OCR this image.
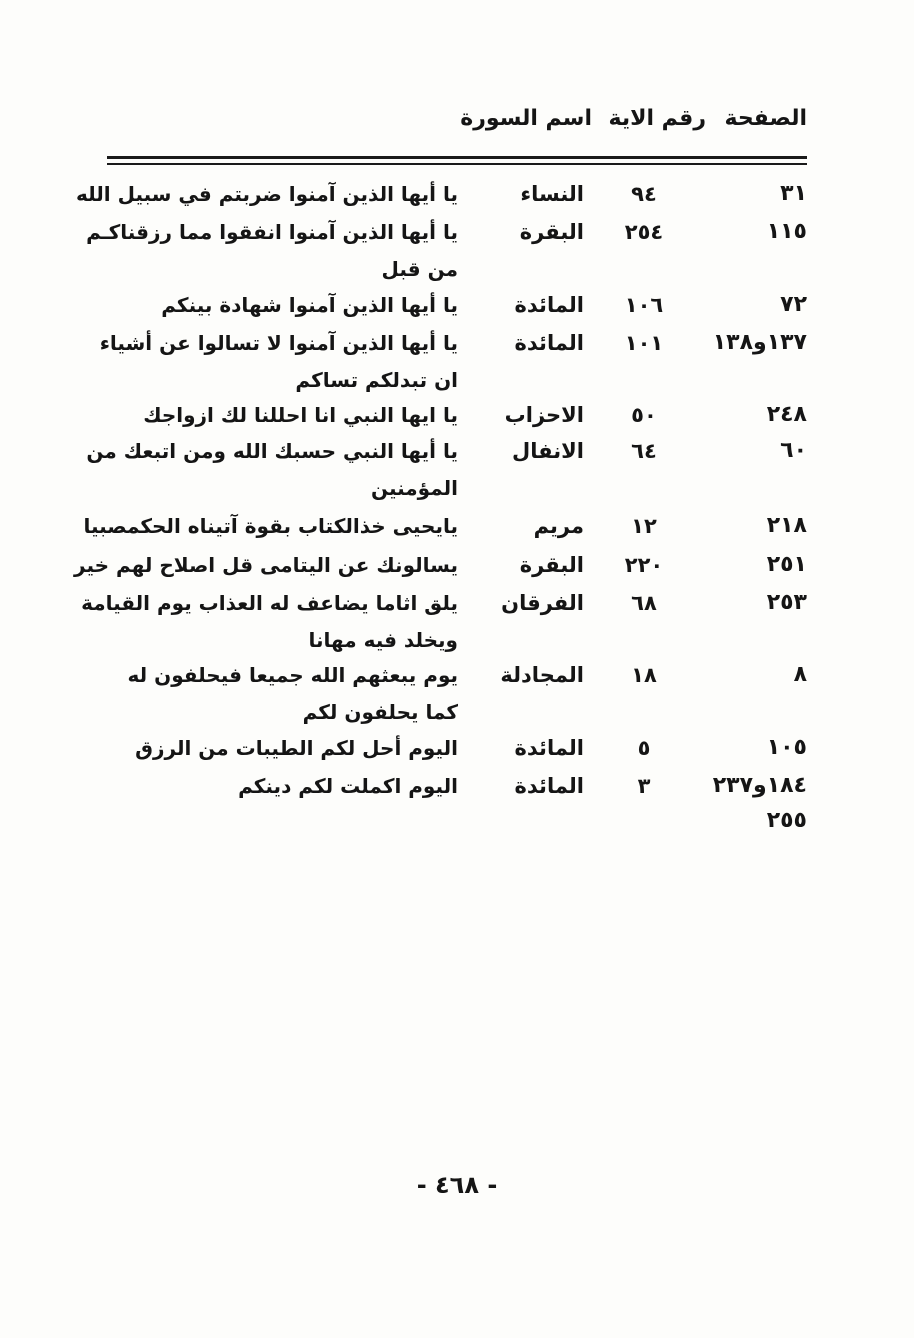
الصفحة
رقم الاية
اسم السورة
٣١
٩٤
النساء
يا أيها الذين آمنوا ضربتم في سبيل الله
١١٥
٢٥٤
البقرة
يا أيها الذين آمنوا انفقوا مما رزقناكـم
من قبل
٧٢
١٠٦
المائدة
يا أيها الذين آمنوا شهادة بينكم
١٣٧و١٣٨
١٠١
المائدة
يا أيها الذين آمنوا لا تسالوا عن أشياء
ان تبدلكم تساكم
٢٤٨
٥٠
الاحزاب
يا ايها النبي انا احللنا لك ازواجك
٦٠
٦٤
الانفال
يا أيها النبي حسبك الله ومن اتبعك من
المؤمنين
٢١٨
١٢
مريم
يايحيى خذالكتاب بقوة آتيناه الحكمصبيا
٢٥١
٢٢٠
البقرة
يسالونك عن اليتامى قل اصلاح لهم خير
٢٥٣
٦٨
الفرقان
يلق اثاما يضاعف له العذاب يوم القيامة
ويخلد فيه مهانا
٨
١٨
المجادلة
يوم يبعثهم الله جميعا فيحلفون له
كما يحلفون لكم
١٠٥
٥
المائدة
اليوم أحل لكم الطيبات من الرزق
١٨٤و٢٣٧
٣
المائدة
اليوم اكملت لكم دينكم
٢٥٥
- ٤٦٨ -
